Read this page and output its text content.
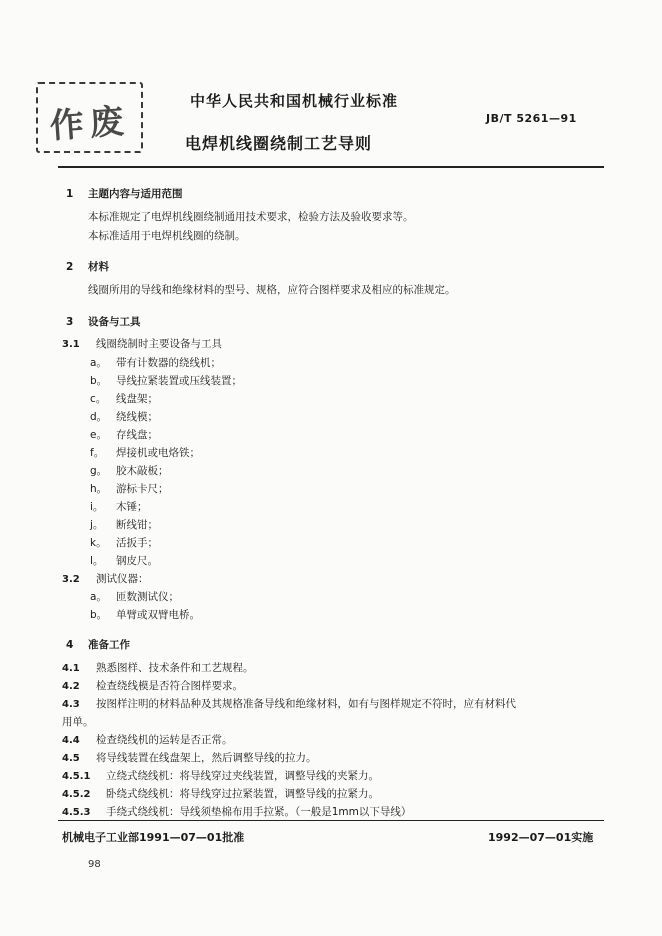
作废
中华人民共和国机械行业标准
JB/T 5261—91
电焊机线圈绕制工艺导则
1 主题内容与适用范围
本标准规定了电焊机线圈绕制通用技术要求，检验方法及验收要求等。
本标准适用于电焊机线圈的绕制。
2 材料
线圈所用的导线和绝缘材料的型号、规格，应符合图样要求及相应的标准规定。
3 设备与工具
3.1 线圈绕制时主要设备与工具
a。 带有计数器的绕线机；
b。 导线拉紧装置或压线装置；
c。 线盘架；
d。 绕线模；
e。 存线盘；
f。 焊接机或电烙铁；
g。 胶木敲板；
h。 游标卡尺；
i。 木锤；
j。 断线钳；
k。 活扳手；
l。 钢皮尺。
3.2 测试仪器：
a。 匝数测试仪；
b。 单臂或双臂电桥。
4 准备工作
4.1 熟悉图样、技术条件和工艺规程。
4.2 检查绕线模是否符合图样要求。
4.3 按图样注明的材料品种及其规格准备导线和绝缘材料，如有与图样规定不符时，应有材料代
用单。
4.4 检查绕线机的运转是否正常。
4.5 将导线装置在线盘架上，然后调整导线的拉力。
4.5.1 立绕式绕线机：将导线穿过夹线装置，调整导线的夹紧力。
4.5.2 卧绕式绕线机：将导线穿过拉紧装置，调整导线的拉紧力。
4.5.3 手绕式绕线机：导线须垫棉布用手拉紧。（一般是1mm以下导线）
机械电子工业部1991—07—01批准	1992—07—01实施
98
